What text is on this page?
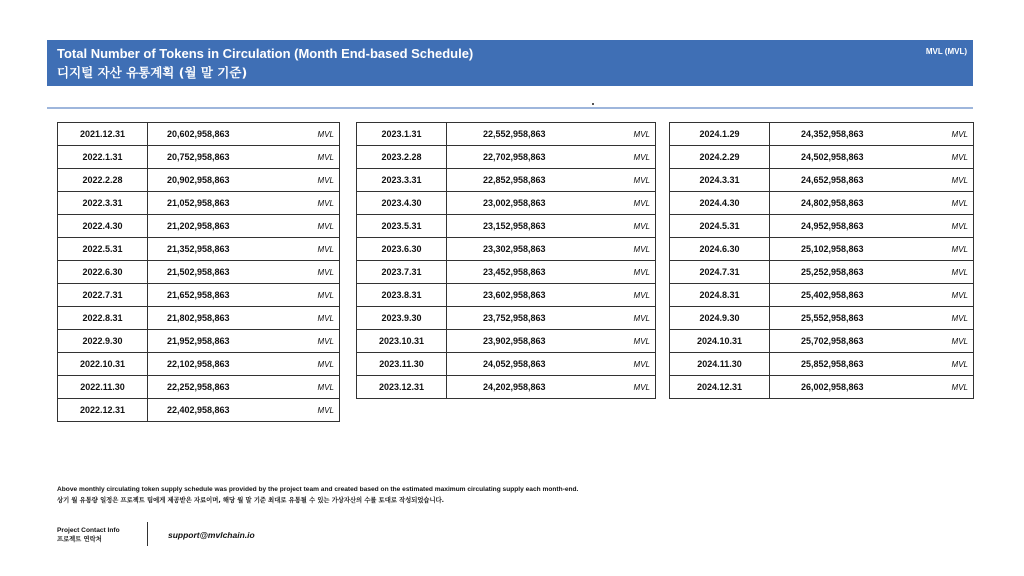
Total Number of Tokens in Circulation (Month End-based Schedule)
디지털 자산 유통계획 (월 말 기준)
MVL (MVL)
2021.12.31	20,602,958,863	MVL
2022.1.31	20,752,958,863	MVL
2022.2.28	20,902,958,863	MVL
2022.3.31	21,052,958,863	MVL
2022.4.30	21,202,958,863	MVL
2022.5.31	21,352,958,863	MVL
2022.6.30	21,502,958,863	MVL
2022.7.31	21,652,958,863	MVL
2022.8.31	21,802,958,863	MVL
2022.9.30	21,952,958,863	MVL
2022.10.31	22,102,958,863	MVL
2022.11.30	22,252,958,863	MVL
2022.12.31	22,402,958,863	MVL
2023.1.31	22,552,958,863	MVL
2023.2.28	22,702,958,863	MVL
2023.3.31	22,852,958,863	MVL
2023.4.30	23,002,958,863	MVL
2023.5.31	23,152,958,863	MVL
2023.6.30	23,302,958,863	MVL
2023.7.31	23,452,958,863	MVL
2023.8.31	23,602,958,863	MVL
2023.9.30	23,752,958,863	MVL
2023.10.31	23,902,958,863	MVL
2023.11.30	24,052,958,863	MVL
2023.12.31	24,202,958,863	MVL
2024.1.29	24,352,958,863	MVL
2024.2.29	24,502,958,863	MVL
2024.3.31	24,652,958,863	MVL
2024.4.30	24,802,958,863	MVL
2024.5.31	24,952,958,863	MVL
2024.6.30	25,102,958,863	MVL
2024.7.31	25,252,958,863	MVL
2024.8.31	25,402,958,863	MVL
2024.9.30	25,552,958,863	MVL
2024.10.31	25,702,958,863	MVL
2024.11.30	25,852,958,863	MVL
2024.12.31	26,002,958,863	MVL
Above monthly circulating token supply schedule was provided by the project team and created based on the estimated maximum circulating supply each month-end.
상기 월 유통량 일정은 프로젝트 팀에게 제공받은 자료이며, 해당 월 말 기준 최대로 유통될 수 있는 가상자산의 수를 토대로 작성되었습니다.
Project Contact Info
프로젝트 연락처	support@mvlchain.io
